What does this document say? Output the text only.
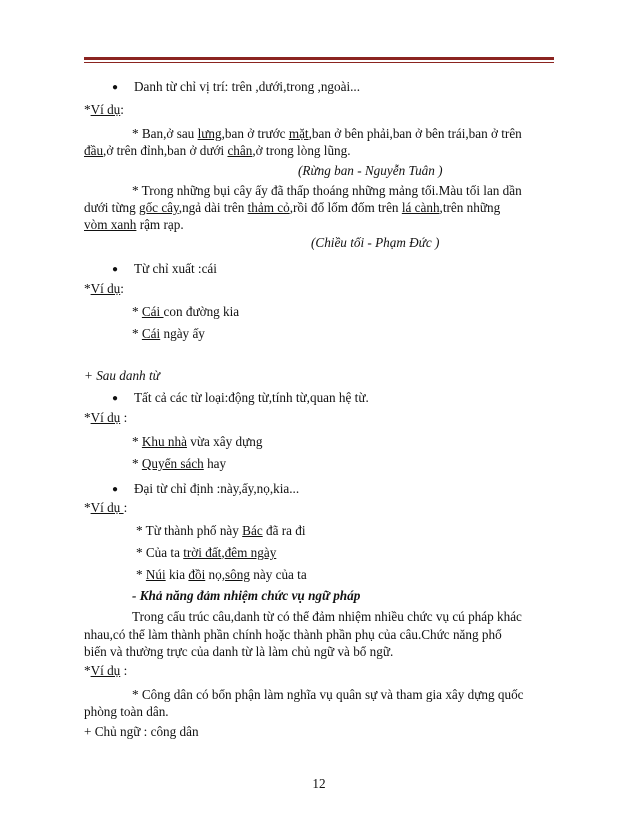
● Danh từ chỉ vị trí: trên ,dưới,trong ,ngoài...
*Ví dụ:
* Ban,ở sau lưng,ban ở trước mặt,ban ở bên phải,ban ở bên trái,ban ở trên
đầu,ở trên đỉnh,ban ở dưới chân,ở trong lòng lũng.
(Rừng ban - Nguyễn Tuân )
* Trong những bụi cây ấy đã thấp thoáng những mảng tối.Màu tối lan dần
dưới từng gốc cây,ngả dài trên thảm cỏ,rồi đổ lốm đốm trên lá cành,trên những
vòm xanh rậm rạp.
(Chiều tối - Phạm Đức )
● Từ chỉ xuất :cái
*Ví dụ:
* Cái con đường kia
* Cái ngày ấy
+ Sau danh từ
● Tất cả các từ loại:động từ,tính từ,quan hệ từ.
*Ví dụ :
* Khu nhà vừa xây dựng
* Quyển sách hay
● Đại từ chỉ định :này,ấy,nọ,kia...
*Ví dụ :
* Từ thành phố này Bác đã ra đi
* Của ta trời đất,đêm ngày
* Núi kia đồi nọ,sông này của ta
- Khả năng đảm nhiệm chức vụ ngữ pháp
Trong cấu trúc câu,danh từ có thể đảm nhiệm nhiều chức vụ cú pháp khác
nhau,có thể làm thành phần chính hoặc thành phần phụ của câu.Chức năng phổ
biến và thường trực của danh từ là làm chủ ngữ và bổ ngữ.
*Ví dụ :
* Công dân có bổn phận làm nghĩa vụ quân sự và tham gia xây dựng quốc
phòng toàn dân.
+ Chủ ngữ : công dân
12
